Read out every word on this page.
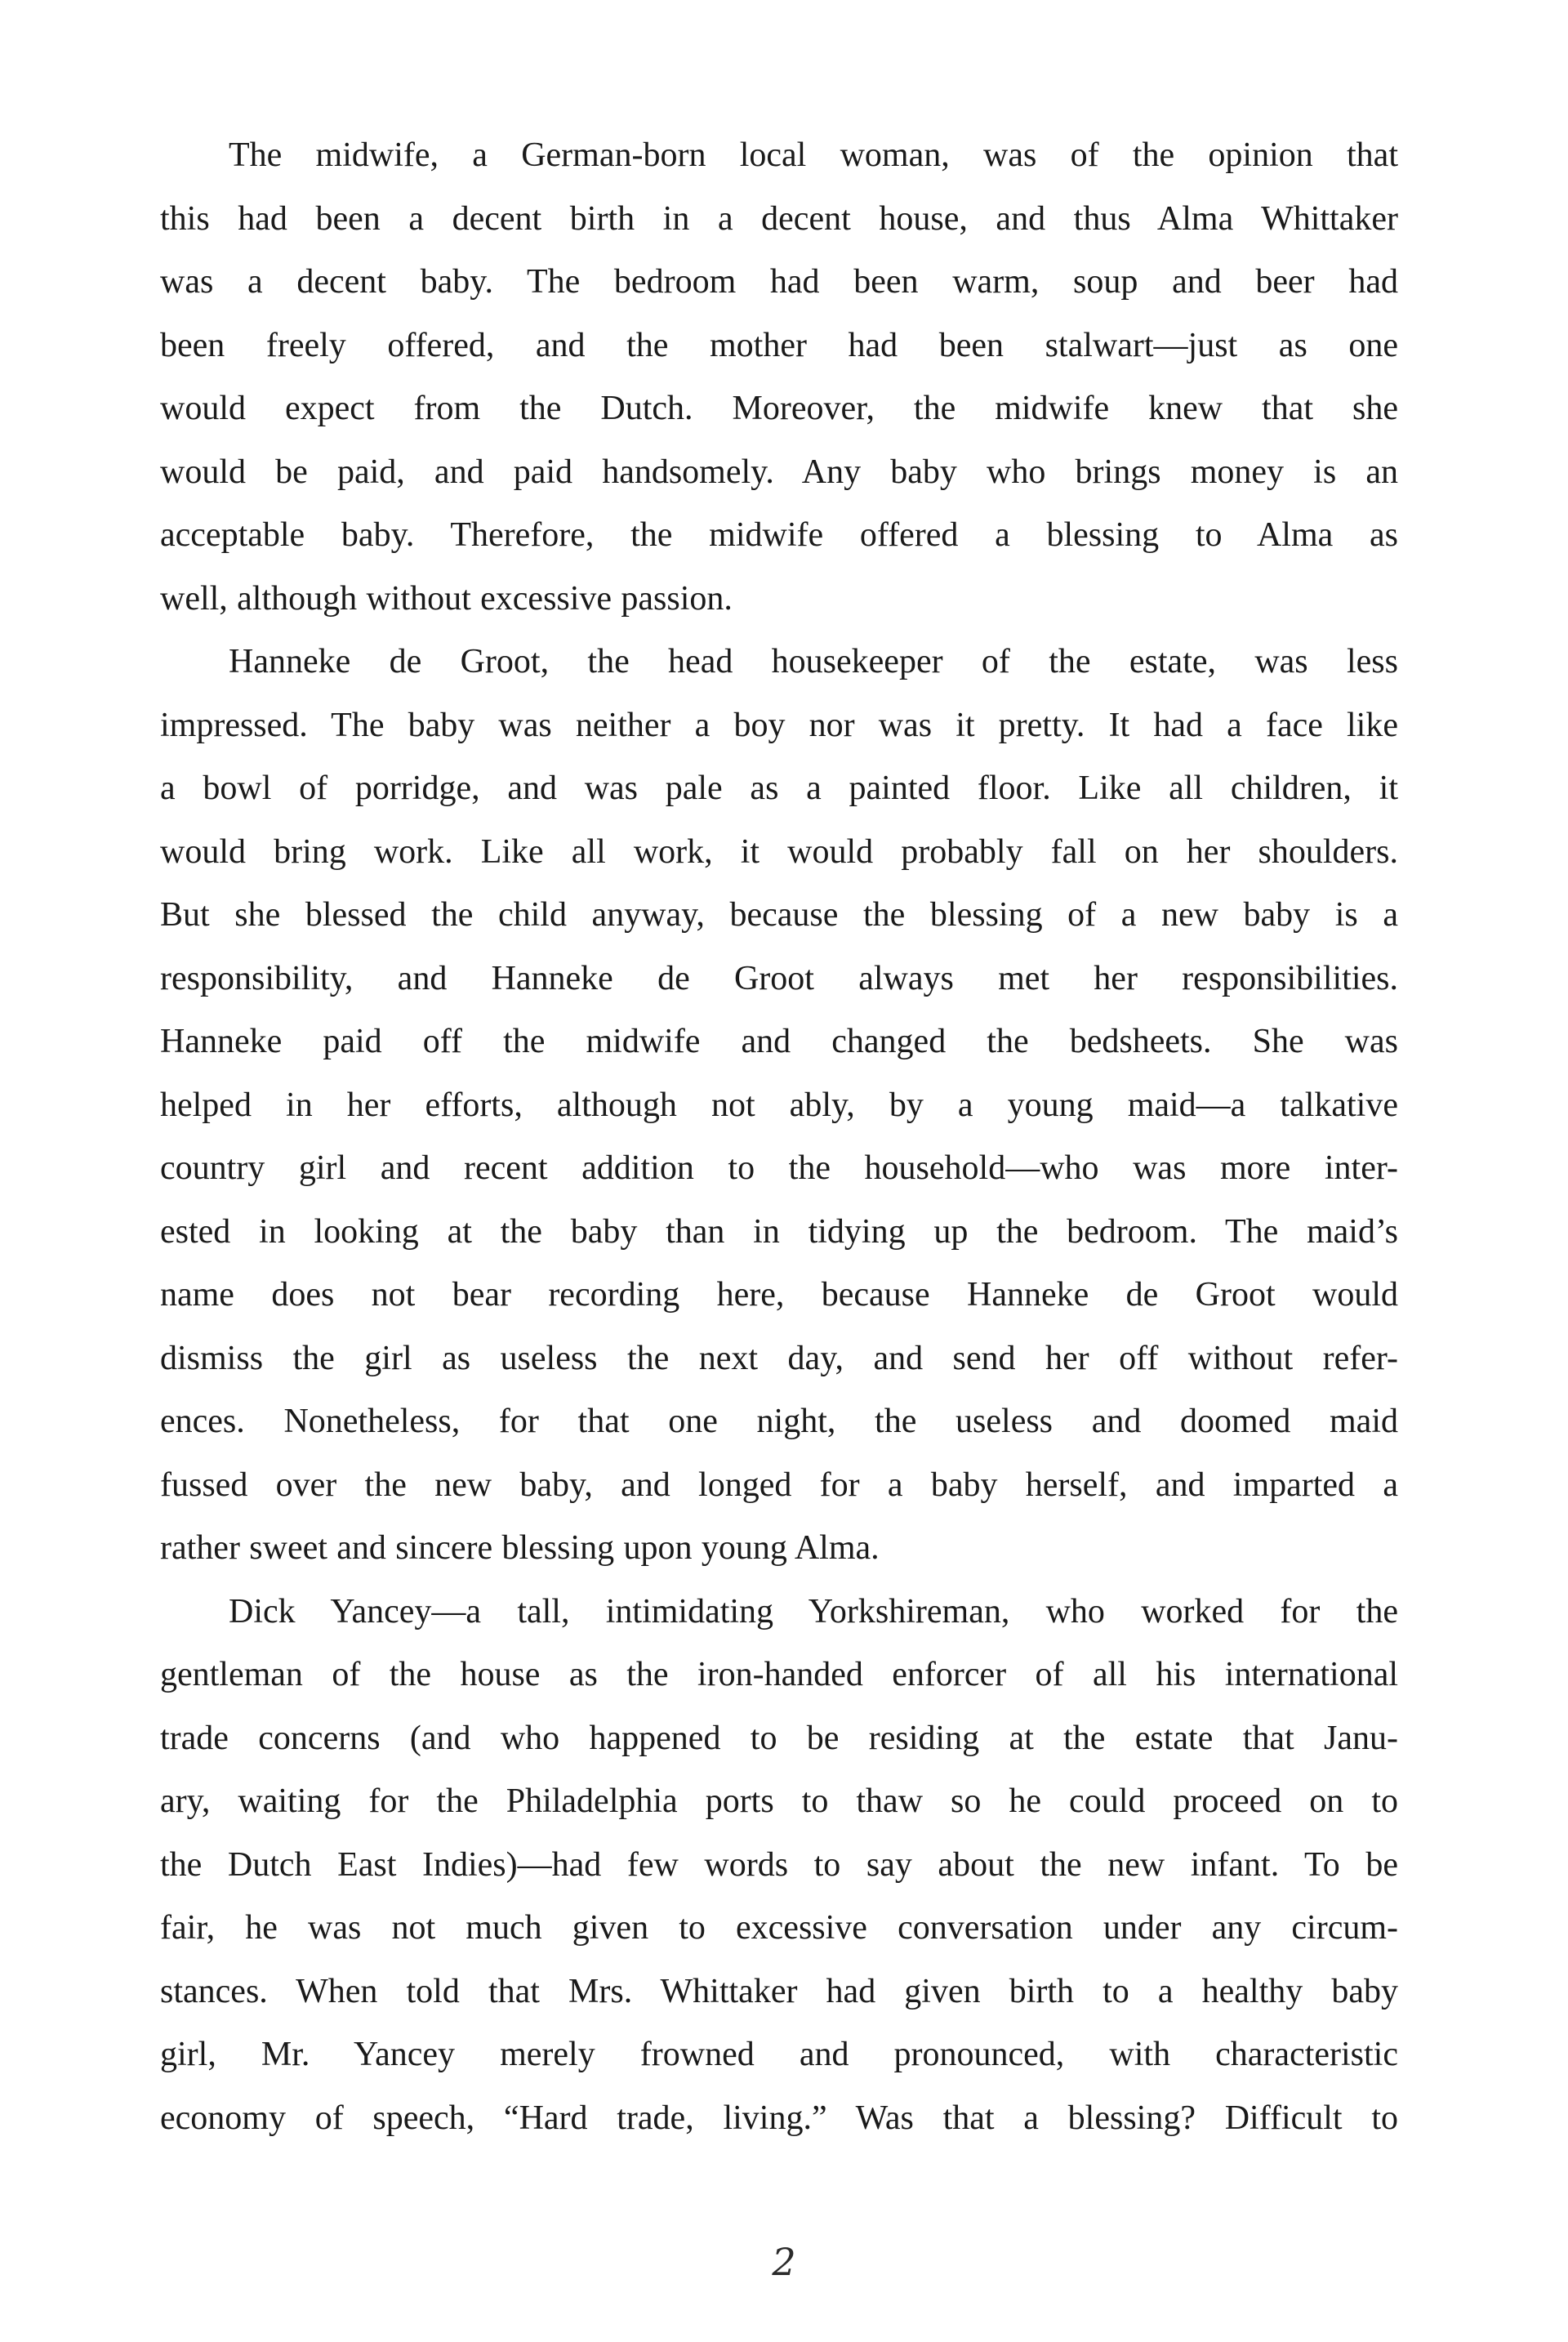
The midwife, a German-born local woman, was of the opinion that
this had been a decent birth in a decent house, and thus Alma Whittaker
was a decent baby. The bedroom had been warm, soup and beer had
been freely offered, and the mother had been stalwart—just as one
would expect from the Dutch. Moreover, the midwife knew that she
would be paid, and paid handsomely. Any baby who brings money is an
acceptable baby. Therefore, the midwife offered a blessing to Alma as
well, although without excessive passion.
Hanneke de Groot, the head housekeeper of the estate, was less
impressed. The baby was neither a boy nor was it pretty. It had a face like
a bowl of porridge, and was pale as a painted floor. Like all children, it
would bring work. Like all work, it would probably fall on her shoulders.
But she blessed the child anyway, because the blessing of a new baby is a
responsibility, and Hanneke de Groot always met her responsibilities.
Hanneke paid off the midwife and changed the bedsheets. She was
helped in her efforts, although not ably, by a young maid—a talkative
country girl and recent addition to the household—who was more inter-
ested in looking at the baby than in tidying up the bedroom. The maid’s
name does not bear recording here, because Hanneke de Groot would
dismiss the girl as useless the next day, and send her off without refer-
ences. Nonetheless, for that one night, the useless and doomed maid
fussed over the new baby, and longed for a baby herself, and imparted a
rather sweet and sincere blessing upon young Alma.
Dick Yancey—a tall, intimidating Yorkshireman, who worked for the
gentleman of the house as the iron-handed enforcer of all his international
trade concerns (and who happened to be residing at the estate that Janu-
ary, waiting for the Philadelphia ports to thaw so he could proceed on to
the Dutch East Indies)—had few words to say about the new infant. To be
fair, he was not much given to excessive conversation under any circum-
stances. When told that Mrs. Whittaker had given birth to a healthy baby
girl, Mr. Yancey merely frowned and pronounced, with characteristic
economy of speech, “Hard trade, living.” Was that a blessing? Difficult to
2
